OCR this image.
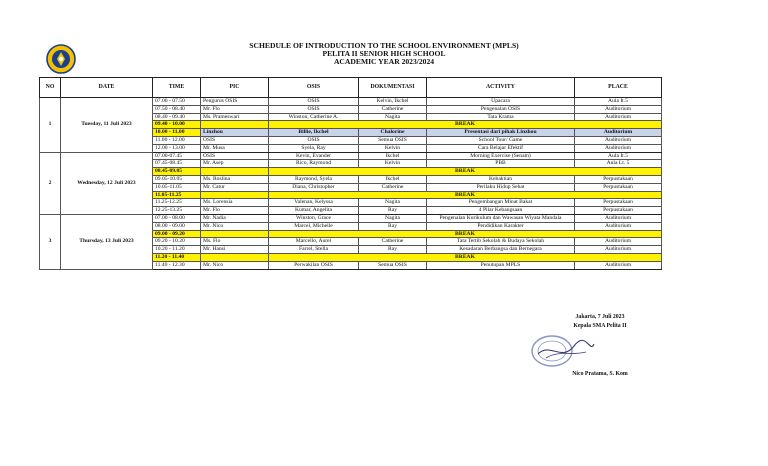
SCHEDULE OF INTRODUCTION TO THE SCHOOL ENVIRONMENT (MPLS)
PELITA II SENIOR HIGH SCHOOL
ACADEMIC YEAR 2023/2024
NO	DATE	TIME	PIC	OSIS	DOKUMENTASI	ACTIVITY	PLACE
1	Tuesday, 11 Juli 2023	07.00 - 07.50	Pengurus OSIS	OSIS	Kelvin, Ikchel	Upacara	Aula It.5
		07.50 - 08.40	Mr. Flo	OSIS	Catherine	Pengenalan OSIS	Auditorium
		08.40 - 09.40	Ms. Prameswari	Winston, Catherine A.	Nagita	Tata Krama	Auditorium
		09.40 - 10.00		BREAK			
		10.00 - 11.00	Linzhou	Billie, Ikchel	Chalorine	Presentasi dari pihak Linzhou	Auditorium
		11.00 - 12.00	OSIS	OSIS	Semua OSIS	School Tour/ Game	Auditorium
		12.00 - 13.00	Mr. Musa	Syela, Ray	Kelvin	Cara Belajar Efektif	Auditorium
2	Wednesday, 12 Juli 2023	07.00-07.45	OSIS	Kevin, Evander	Ikchel	Morning Exercise (Senam)	Aula It.5
		07.45-08.45	Mr. Asep	Rico, Raymond	Kelvin	PBB	Aula Lt. 5
		08.45-09.05		BREAK			
		09.05-10.05	Ms. Roslina	Raymond, Syela	Ikchel	Kebaktian	Perpustakaan
		10.05-11.05	Mr. Catur	Diana, Christopher	Catherine	Perilaku Hidup Sehat	Perpustakaan
		11.05-11.25		BREAK			
		11.25-12.25	Ms. Lorensia	Valenan, Kelyssa	Nagita	Pengembangan Minat Bakat	Perpustakaan
		12.25-13.25	Mr. Flo	Kumar, Angelita	Ray	4 Pilar Kebangsaan	Perpustakaan
3	Thursday, 13 Juli 2023	07.00 - 08.00	Mr. Nadia	Winston, Grace	Nagita	Pengenalan Kurikulum dan Wawasan Wiyata Mandala	Auditorium
		08.00 - 09.00	Mr. Nico	Marcel, Michelle	Ray	Pendidikan Karakter	Auditorium
		09.00 - 09.20		BREAK			
		09.20 - 10.20	Ms. Flo	Marcello, Aurel	Catherine	Tata Tertib Sekolah & Budaya Sekolah	Auditorium
		10.20 - 11.20	Mr. Hansi	Farrel, Stella	Ray	Kesadaran Berbangsa dan Bernegara	Auditorium
		11.20 - 11.40		BREAK			
		11.40 - 12.30	Mr. Nico	Perwakilan OSIS	Semua OSIS	Penutupan MPLS	Auditorium
Jakarta, 7 Juli 2023
Kepala SMA Pelita II
Nico Pratama, S. Kom
